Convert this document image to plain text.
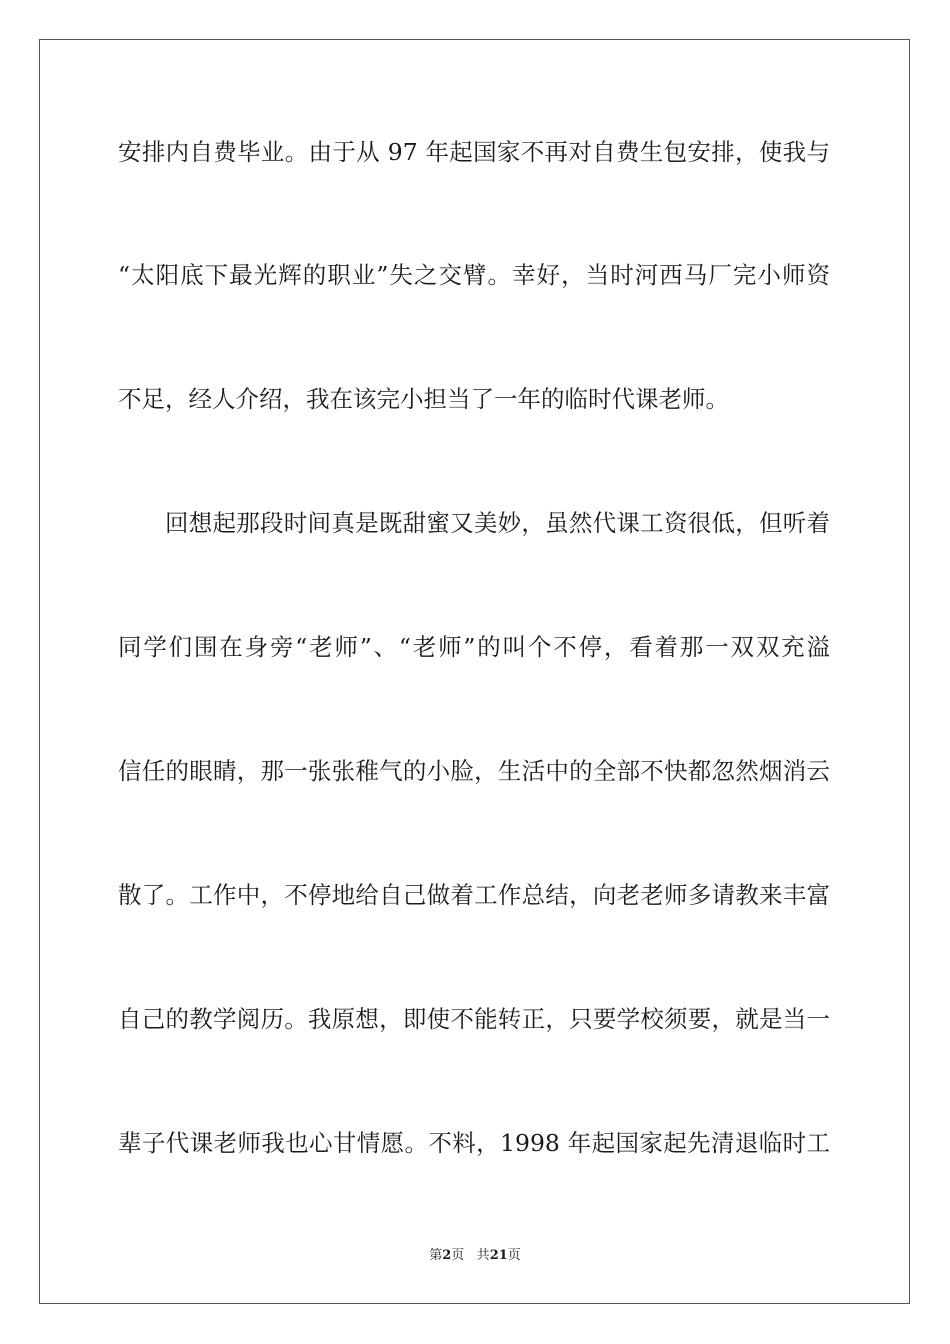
安排内自费毕业。由于从 97 年起国家不再对自费生包安排，使我与
“太阳底下最光辉的职业”失之交臂。幸好，当时河西马厂完小师资
不足，经人介绍，我在该完小担当了一年的临时代课老师。
回想起那段时间真是既甜蜜又美妙，虽然代课工资很低，但听着
同学们围在身旁“老师”、“老师”的叫个不停，看着那一双双充溢
信任的眼睛，那一张张稚气的小脸，生活中的全部不快都忽然烟消云
散了。工作中，不停地给自己做着工作总结，向老老师多请教来丰富
自己的教学阅历。我原想，即使不能转正，只要学校须要，就是当一
辈子代课老师我也心甘情愿。不料，1998 年起国家起先清退临时工
第2页 共21页
